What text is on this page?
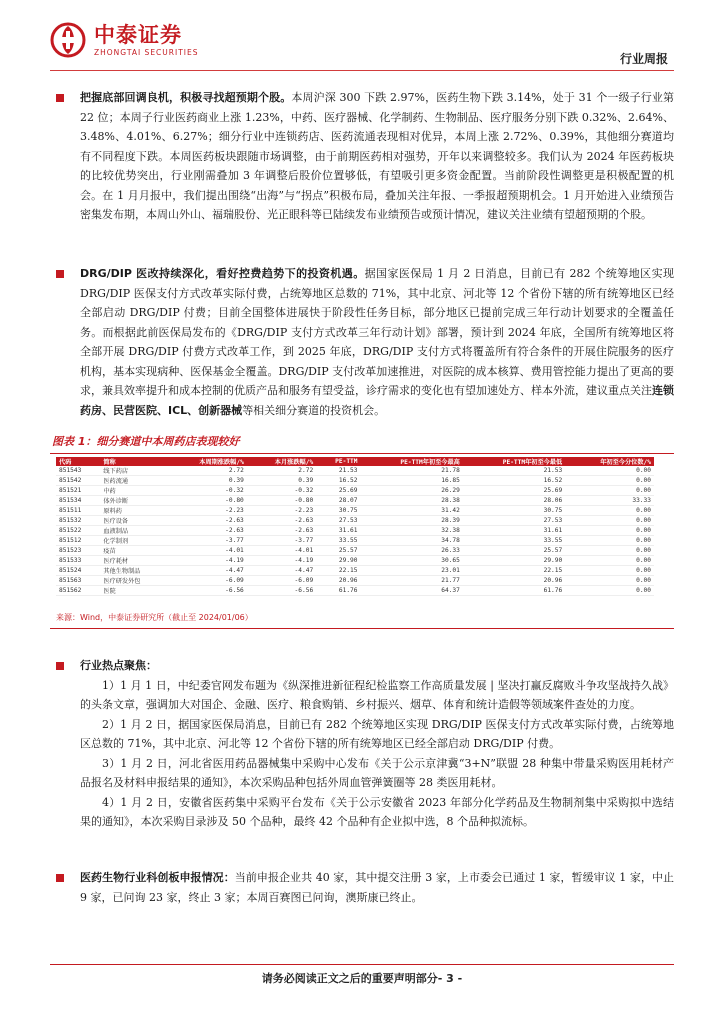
中泰证券
ZHONGTAI SECURITIES	行业周报
把握底部回调良机，积极寻找超预期个股。本周沪深 300 下跌 2.97%，医药生物下跌 3.14%，处于 31 个一级子行业第 22 位；本周子行业医药商业上涨 1.23%，中药、医疗器械、化学制药、生物制品、医疗服务分别下跌 0.32%、2.64%、3.48%、4.01%、6.27%；细分行业中连锁药店、医药流通表现相对优异，本周上涨 2.72%、0.39%，其他细分赛道均有不同程度下跌。本周医药板块跟随市场调整，由于前期医药相对强势，开年以来调整较多。我们认为 2024 年医药板块的比较优势突出，行业刚需叠加 3 年调整后股价位置够低，有望吸引更多资金配置。当前阶段性调整更是积极配置的机会。在 1 月月报中，我们提出围绕“出海”与“拐点”积极布局，叠加关注年报、一季报超预期机会。1 月开始进入业绩预告密集发布期，本周山外山、福瑞股份、光正眼科等已陆续发布业绩预告或预计情况，建议关注业绩有望超预期的个股。
DRG/DIP 医改持续深化，看好控费趋势下的投资机遇。据国家医保局 1 月 2 日消息，目前已有 282 个统筹地区实现 DRG/DIP 医保支付方式改革实际付费，占统筹地区总数的 71%，其中北京、河北等 12 个省份下辖的所有统筹地区已经全部启动 DRG/DIP 付费；目前全国整体进展快于阶段性任务目标，部分地区已提前完成三年行动计划要求的全覆盖任务。而根据此前医保局发布的《DRG/DIP 支付方式改革三年行动计划》部署，预计到 2024 年底，全国所有统筹地区将全部开展 DRG/DIP 付费方式改革工作，到 2025 年底，DRG/DIP 支付方式将覆盖所有符合条件的开展住院服务的医疗机构，基本实现病种、医保基金全覆盖。DRG/DIP 支付改革加速推进，对医院的成本核算、费用管控能力提出了更高的要求，兼具效率提升和成本控制的优质产品和服务有望受益，诊疗需求的变化也有望加速处方、样本外流，建议重点关注连锁药房、民营医院、ICL、创新器械等相关细分赛道的投资机会。
图表 1：细分赛道中本周药店表现较好
代码	简称	本周期涨跌幅/%	本月涨跌幅/%	PE-TTM	PE-TTM年初至今最高	PE-TTM年初至今最低	年初至今分位数/%
851543	线下药店	2.72	2.72	21.53	21.78	21.53	0.00
851542	医药流通	0.39	0.39	16.52	16.85	16.52	0.00
851521	中药	-0.32	-0.32	25.69	26.29	25.69	0.00
851534	体外诊断	-0.80	-0.80	28.07	28.38	28.06	33.33
851511	原料药	-2.23	-2.23	30.75	31.42	30.75	0.00
851532	医疗设备	-2.63	-2.63	27.53	28.39	27.53	0.00
851522	血液制品	-2.63	-2.63	31.61	32.38	31.61	0.00
851512	化学制剂	-3.77	-3.77	33.55	34.78	33.55	0.00
851523	疫苗	-4.01	-4.01	25.57	26.33	25.57	0.00
851533	医疗耗材	-4.19	-4.19	29.90	30.65	29.90	0.00
851524	其他生物制品	-4.47	-4.47	22.15	23.01	22.15	0.00
851563	医疗研发外包	-6.09	-6.09	20.96	21.77	20.96	0.00
851562	医院	-6.56	-6.56	61.76	64.37	61.76	0.00
来源：Wind，中泰证券研究所（截止至 2024/01/06）
行业热点聚焦：
1）1 月 1 日，中纪委官网发布题为《纵深推进新征程纪检监察工作高质量发展 | 坚决打赢反腐败斗争攻坚战持久战》的头条文章，强调加大对国企、金融、医疗、粮食购销、乡村振兴、烟草、体育和统计造假等领域案件查处的力度。
2）1 月 2 日，据国家医保局消息，目前已有 282 个统筹地区实现 DRG/DIP 医保支付方式改革实际付费，占统筹地区总数的 71%，其中北京、河北等 12 个省份下辖的所有统筹地区已经全部启动 DRG/DIP 付费。
3）1 月 2 日，河北省医用药品器械集中采购中心发布《关于公示京津冀“3+N”联盟 28 种集中带量采购医用耗材产品报名及材料申报结果的通知》，本次采购品种包括外周血管弹簧圈等 28 类医用耗材。
4）1 月 2 日，安徽省医药集中采购平台发布《关于公示安徽省 2023 年部分化学药品及生物制剂集中采购拟中选结果的通知》，本次采购目录涉及 50 个品种，最终 42 个品种有企业拟中选，8 个品种拟流标。
医药生物行业科创板申报情况：当前申报企业共 40 家，其中提交注册 3 家，上市委会已通过 1 家，暂缓审议 1 家，中止 9 家，已问询 23 家，终止 3 家；本周百赛图已问询，澳斯康已终止。
请务必阅读正文之后的重要声明部分- 3 -
